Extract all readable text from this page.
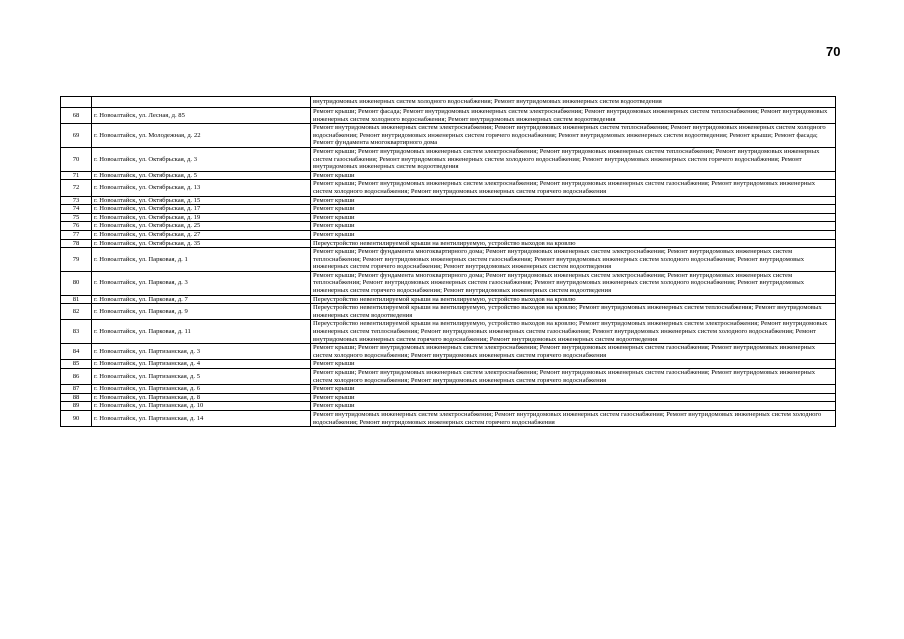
70
		внутридомовых инженерных систем холодного водоснабжения; Ремонт внутридомовых инженерных систем водоотведения
68	г. Новоалтайск, ул. Лесная, д. 85	Ремонт крыши; Ремонт фасада; Ремонт внутридомовых инженерных систем электроснабжения; Ремонт внутридомовых инженерных систем теплоснабжения; Ремонт внутридомовых инженерных систем холодного водоснабжения; Ремонт внутридомовых инженерных систем водоотведения
69	г. Новоалтайск, ул. Молодежная, д. 22	Ремонт внутридомовых инженерных систем электроснабжения; Ремонт внутридомовых инженерных систем теплоснабжения; Ремонт внутридомовых инженерных систем холодного водоснабжения; Ремонт внутридомовых инженерных систем горячего водоснабжения; Ремонт внутридомовых инженерных систем водоотведения; Ремонт крыши; Ремонт фасада; Ремонт фундамента многоквартирного дома
70	г. Новоалтайск, ул. Октябрьская, д. 3	Ремонт крыши; Ремонт внутридомовых инженерных систем электроснабжения; Ремонт внутридомовых инженерных систем теплоснабжения; Ремонт внутридомовых инженерных систем газоснабжения; Ремонт внутридомовых инженерных систем холодного водоснабжения; Ремонт внутридомовых инженерных систем горячего водоснабжения; Ремонт внутридомовых инженерных систем водоотведения
71	г. Новоалтайск, ул. Октябрьская, д. 5	Ремонт крыши
72	г. Новоалтайск, ул. Октябрьская, д. 13	Ремонт крыши; Ремонт внутридомовых инженерных систем электроснабжения; Ремонт внутридомовых инженерных систем газоснабжения; Ремонт внутридомовых инженерных систем холодного водоснабжения; Ремонт внутридомовых инженерных систем горячего водоснабжения
73	г. Новоалтайск, ул. Октябрьская, д. 15	Ремонт крыши
74	г. Новоалтайск, ул. Октябрьская, д. 17	Ремонт крыши
75	г. Новоалтайск, ул. Октябрьская, д. 19	Ремонт крыши
76	г. Новоалтайск, ул. Октябрьская, д. 25	Ремонт крыши
77	г. Новоалтайск, ул. Октябрьская, д. 27	Ремонт крыши
78	г. Новоалтайск, ул. Октябрьская, д. 35	Переустройство невентилируемой крыши на вентилируемую, устройство выходов на кровлю
79	г. Новоалтайск, ул. Парковая, д. 1	Ремонт крыши; Ремонт фундамента многоквартирного дома; Ремонт внутридомовых инженерных систем электроснабжения; Ремонт внутридомовых инженерных систем теплоснабжения; Ремонт внутридомовых инженерных систем газоснабжения; Ремонт внутридомовых инженерных систем холодного водоснабжения; Ремонт внутридомовых инженерных систем горячего водоснабжения; Ремонт внутридомовых инженерных систем водоотведения
80	г. Новоалтайск, ул. Парковая, д. 3	Ремонт крыши; Ремонт фундамента многоквартирного дома; Ремонт внутридомовых инженерных систем электроснабжения; Ремонт внутридомовых инженерных систем теплоснабжения; Ремонт внутридомовых инженерных систем газоснабжения; Ремонт внутридомовых инженерных систем холодного водоснабжения; Ремонт внутридомовых инженерных систем горячего водоснабжения; Ремонт внутридомовых инженерных систем водоотведения
81	г. Новоалтайск, ул. Парковая, д. 7	Переустройство невентилируемой крыши на вентилируемую, устройство выходов на кровлю
82	г. Новоалтайск, ул. Парковая, д. 9	Переустройство невентилируемой крыши на вентилируемую, устройство выходов на кровлю; Ремонт внутридомовых инженерных систем теплоснабжения; Ремонт внутридомовых инженерных систем водоотведения
83	г. Новоалтайск, ул. Парковая, д. 11	Переустройство невентилируемой крыши на вентилируемую, устройство выходов на кровлю; Ремонт внутридомовых инженерных систем электроснабжения; Ремонт внутридомовых инженерных систем теплоснабжения; Ремонт внутридомовых инженерных систем газоснабжения; Ремонт внутридомовых инженерных систем холодного водоснабжения; Ремонт внутридомовых инженерных систем горячего водоснабжения; Ремонт внутридомовых инженерных систем водоотведения
84	г. Новоалтайск, ул. Партизанская, д. 3	Ремонт крыши; Ремонт внутридомовых инженерных систем электроснабжения; Ремонт внутридомовых инженерных систем газоснабжения; Ремонт внутридомовых инженерных систем холодного водоснабжения; Ремонт внутридомовых инженерных систем горячего водоснабжения
85	г. Новоалтайск, ул. Партизанская, д. 4	Ремонт крыши
86	г. Новоалтайск, ул. Партизанская, д. 5	Ремонт крыши; Ремонт внутридомовых инженерных систем электроснабжения; Ремонт внутридомовых инженерных систем газоснабжения; Ремонт внутридомовых инженерных систем холодного водоснабжения; Ремонт внутридомовых инженерных систем горячего водоснабжения
87	г. Новоалтайск, ул. Партизанская, д. 6	Ремонт крыши
88	г. Новоалтайск, ул. Партизанская, д. 8	Ремонт крыши
89	г. Новоалтайск, ул. Партизанская, д. 10	Ремонт крыши
90	г. Новоалтайск, ул. Партизанская, д. 14	Ремонт внутридомовых инженерных систем электроснабжения; Ремонт внутридомовых инженерных систем газоснабжения; Ремонт внутридомовых инженерных систем холодного водоснабжения; Ремонт внутридомовых инженерных систем горячего водоснабжения
